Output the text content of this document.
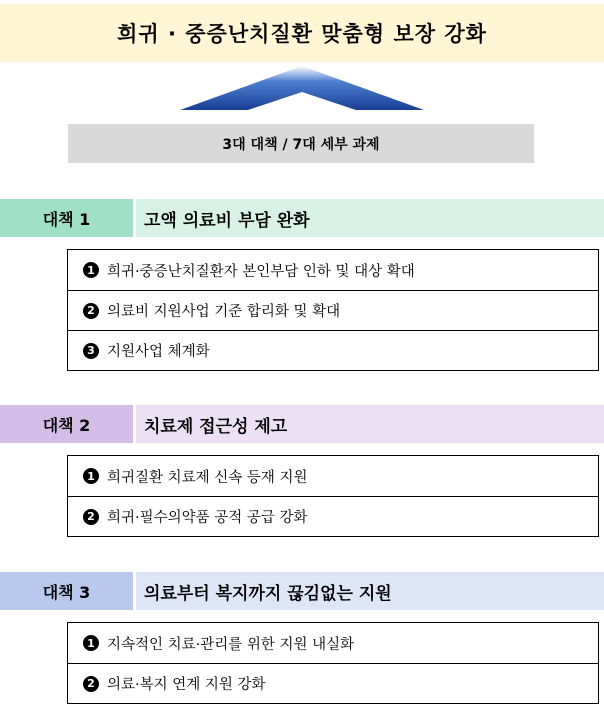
희귀 · 중증난치질환 맞춤형 보장 강화
3대 대책 / 7대 세부 과제
대책 1	고액 의료비 부담 완화
1 희귀·중증난치질환자 본인부담 인하 및 대상 확대
2 의료비 지원사업 기준 합리화 및 확대
3 지원사업 체계화
대책 2	치료제 접근성 제고
1 희귀질환 치료제 신속 등재 지원
2 희귀·필수의약품 공적 공급 강화
대책 3	의료부터 복지까지 끊김없는 지원
1 지속적인 치료·관리를 위한 지원 내실화
2 의료·복지 연계 지원 강화
